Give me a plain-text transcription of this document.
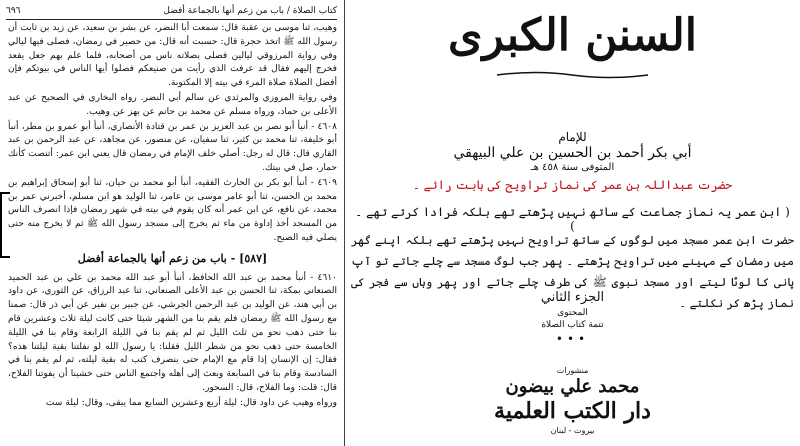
٦٩٦	كتاب الصلاة / باب من زعم أنها بالجماعة أفضل

وهيب، ثنا موسى بن عقبة قال: سمعت أبا النضر، عن بشر بن سعيد، عن زيد بن ثابت أن رسول الله ﷺ اتخذ حجرة قال: حسبت أنه قال: من حصير في رمضان، فصلى فيها ليالي وفي رواية المرزوقي ليالين فصلى بصلاته ناس من أصحابه، فلما علم بهم جعل يقعد فخرج إليهم فقال قد عرفت الذي رأيت من صنيعكم فصلوا أيها الناس في بيوتكم فإن أفضل الصلاة صلاة المرء في بيته إلا المكتوبة.

وفي رواية المروزي والمرثدي عن سالم أبي النضر. رواه البخاري في الصحيح عن عبد الأعلى بن حماد، ورواه مسلم عن محمد بن حاتم عن بهز عن وهيب.

٤٦٠٨ - أنبأ أبو نصر بن عبد العزيز بن عمر بن قتادة الأنصاري، أنبأ أبو عمرو بن مطر، أنبأ أبو خليفة، ثنا محمد بن كثير، ثنا سفيان، عن منصور، عن مجاهد، عن عبد الرحمن بن عبد القاري قال: قال له رجل: أصلي خلف الإمام في رمضان قال يعني ابن عمر: أتنصت كأنك حمار، صل في بيتك.

٤٦٠٩ - أنبأ أبو بكر بن الحارث الفقيه، أنبأ أبو محمد بن حيان، ثنا أبو إسحاق إبراهيم بن محمد بن الحسن، ثنا أبو عامر موسى بن عامر، ثنا الوليد هو ابن مسلم، أخبرني عمر بن محمد، عن نافع، عن ابن عمر أنه كان يقوم في بيته في شهر رمضان فإذا انصرف الناس من المسجد أخذ إداوة من ماء ثم يخرج إلى مسجد رسول الله ﷺ ثم لا يخرج منه حتى يصلي فيه الصبح.

[٥٨٧] - باب من زعم أنها بالجماعة أفضل

٤٦١٠ - أنبأ محمد بن عبد الله الحافظ، أنبأ أبو عبد الله محمد بن علي بن عبد الحميد الصنعاني بمكة، ثنا الحسن بن عبد الأعلى الصنعاني، ثنا عبد الرزاق، عن الثوري، عن داود بن أبي هند، عن الوليد بن عبد الرحمن الجرشي، عن جبير بن نفير عن أبي ذر قال: صمنا مع رسول الله ﷺ رمضان فلم يقم بنا من الشهر شيئا حتى كانت ليلة ثلاث وعشرين قام بنا حتى ذهب نحو من ثلث الليل ثم لم يقم بنا في الليلة الرابعة وقام بنا في الليلة الخامسة حتى ذهب نحو من شطر الليل فقلنا: يا رسول الله لو نفلتنا بقية ليلتنا هذه؟ فقال: إن الإنسان إذا قام مع الإمام حتى ينصرف كتب له بقية ليلته، ثم لم يقم بنا في السادسة وقام بنا في السابعة وبعث إلى أهله واجتمع الناس حتى خشينا أن يفوتنا الفلاح، قال: قلت: وما الفلاح، قال: السحور.

ورواه وهيب عن داود قال: ليلة أربع وعشرين السابع مما يبقى، وقال: ليلة ست

السنن الكبرى
للإمام
أبي بكر أحمد بن الحسين بن علي البيهقي
المتوفى سنة ٤٥٨ هـ
حضرت عبداللہ بن عمر کی نماز تراویح کی بابت رائے ۔
( ابن عمر یہ نماز جماعت کے ساتھ نہیں پڑھتے تھے بلکہ فرادا کرتے تھے ۔ )
حضرت ابن عمر مسجد میں لوگوں کے ساتھ تراویح نہیں پڑھتے تھے بلکہ اپنے گھر میں رمضان کے مہینے میں تراویح پڑھتے ۔ پھر جب لوگ مسجد سے چلے جاتے تو آپ پانی کا لوٹا لیتے اور مسجد نبوی ﷺ کی طرف چلے جاتے اور پھر وہاں سے فجر کی نماز پڑھ کر نکلتے ۔
الجزء الثاني
المحتوى
تتمة كتاب الصلاة
•••
منشورات
محمد علي بيضون
دار الكتب العلمية
بيروت - لبنان
